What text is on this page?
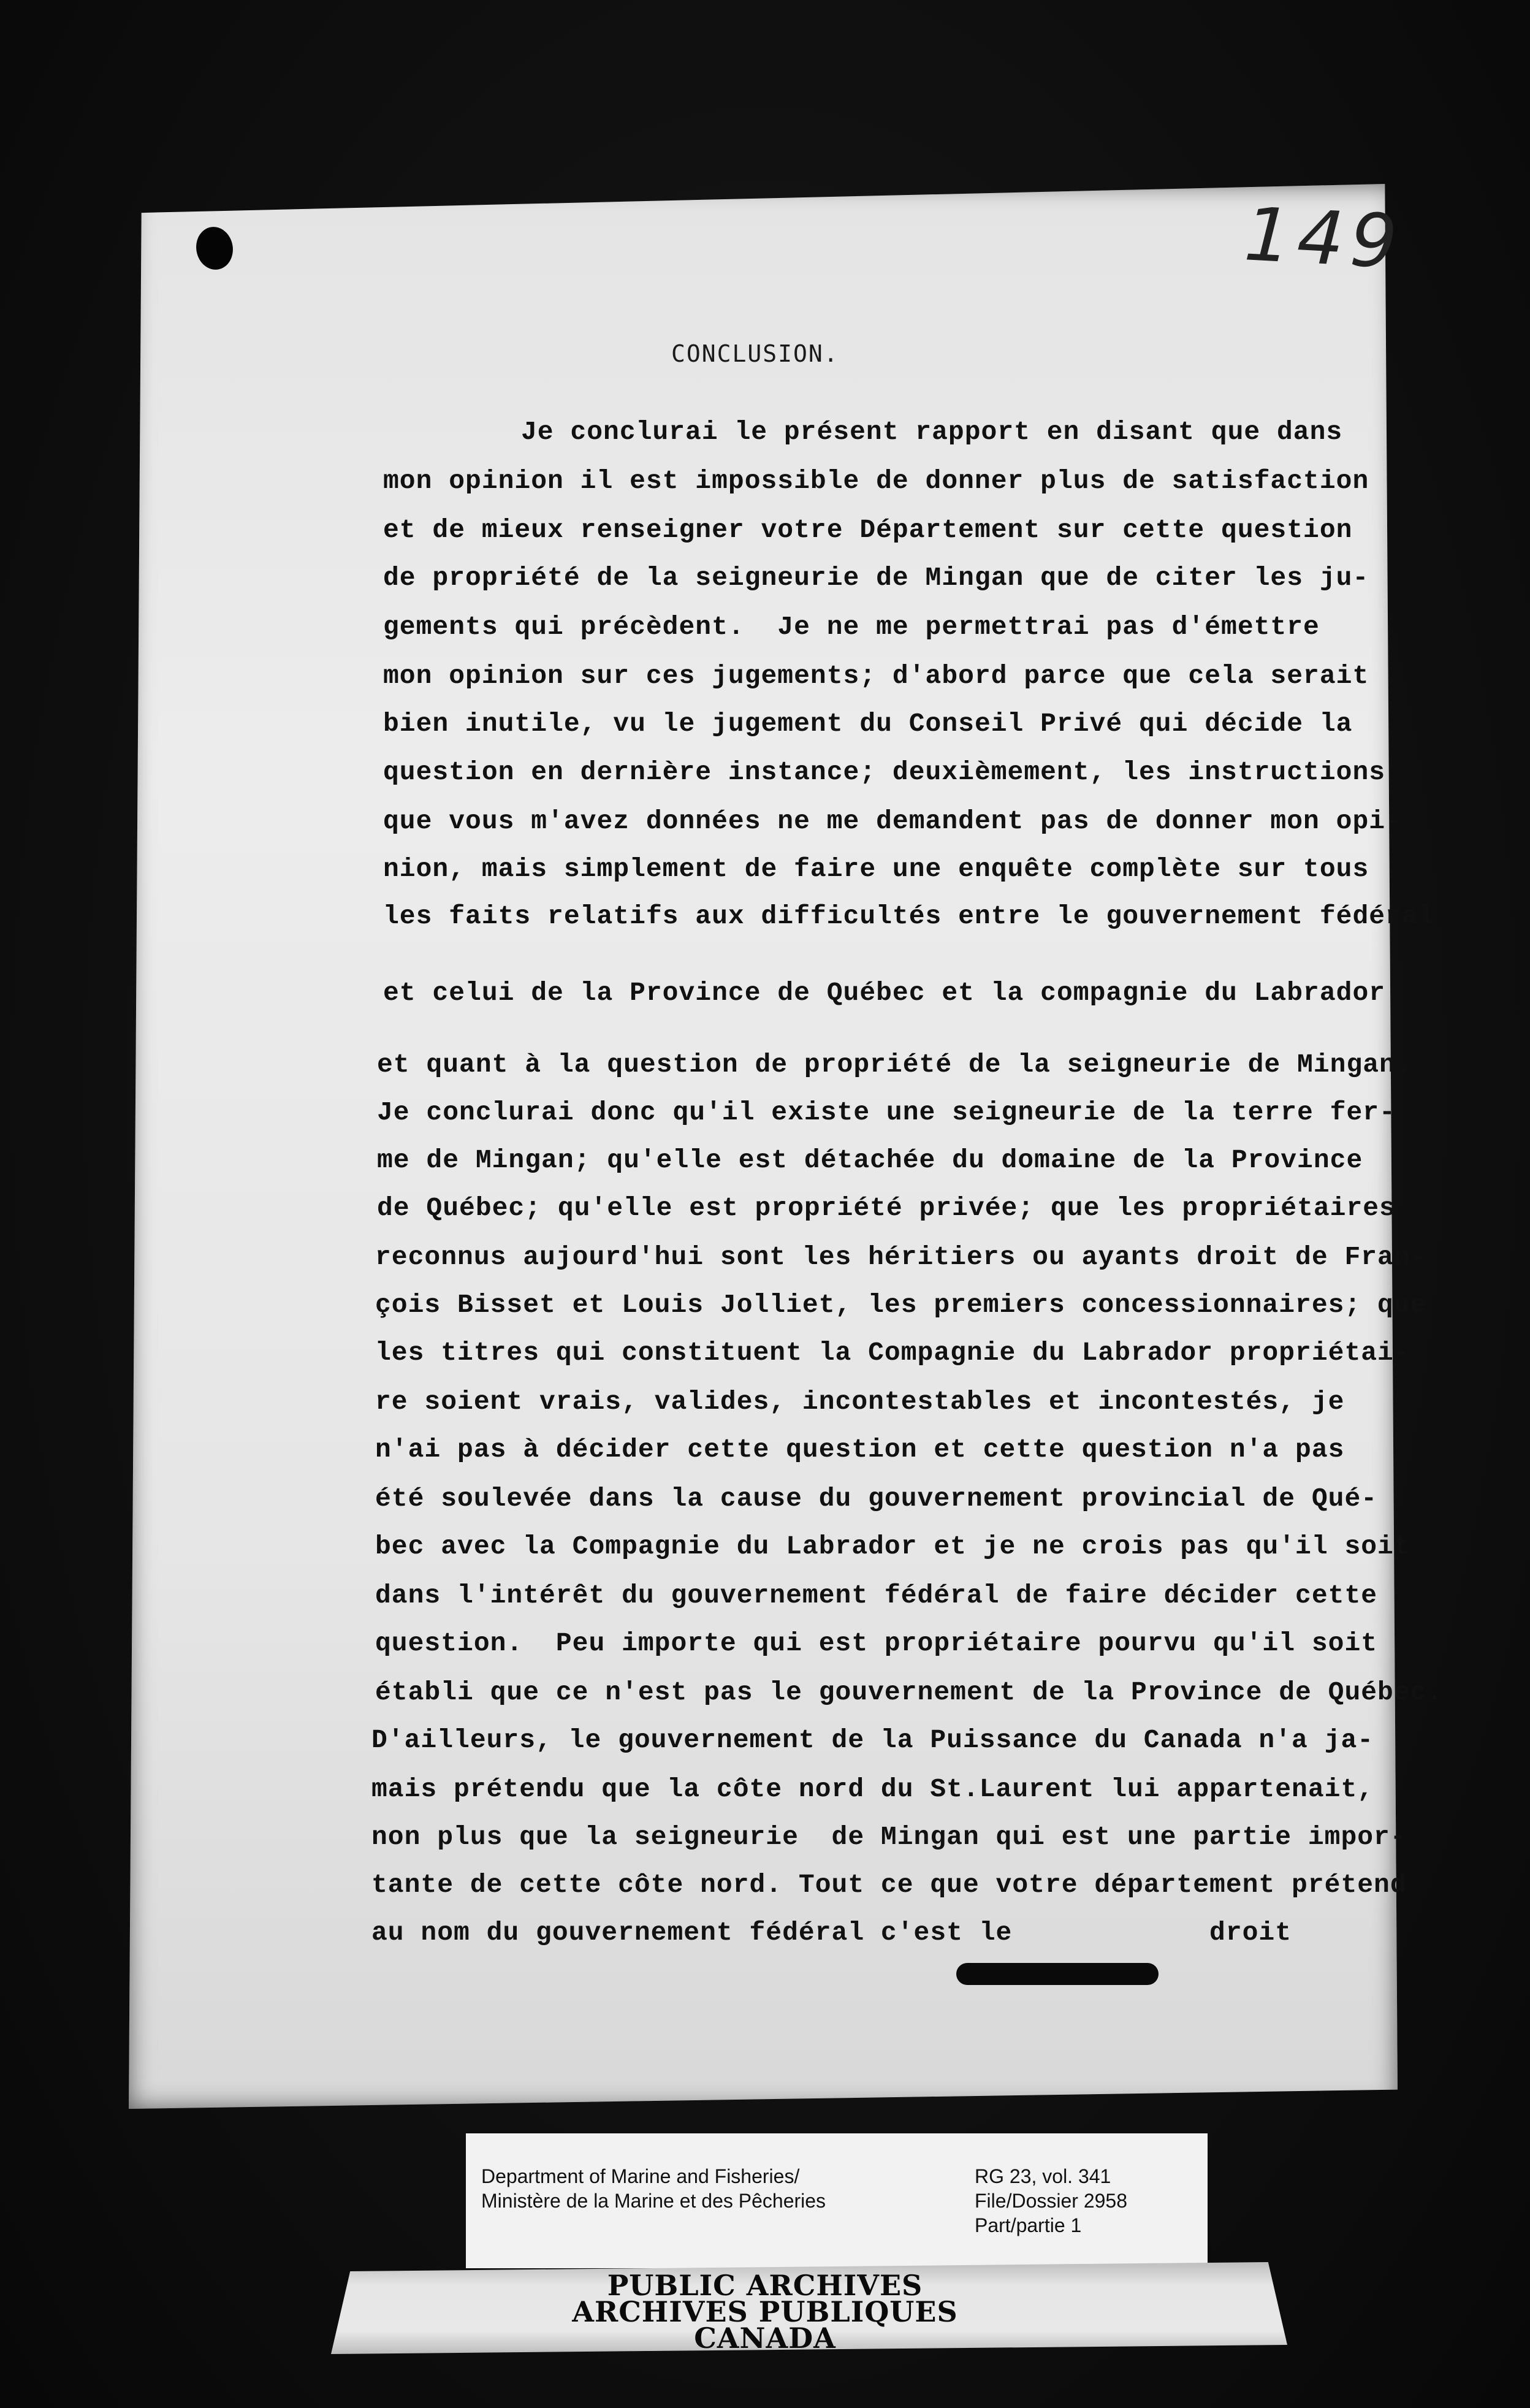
149
CONCLUSION.
Je conclurai le présent rapport en disant que dans
mon opinion il est impossible de donner plus de satisfaction
et de mieux renseigner votre Département sur cette question
de propriété de la seigneurie de Mingan que de citer les ju-
gements qui précèdent.  Je ne me permettrai pas d'émettre
mon opinion sur ces jugements; d'abord parce que cela serait
bien inutile, vu le jugement du Conseil Privé qui décide la
question en dernière instance; deuxièmement, les instructions
que vous m'avez données ne me demandent pas de donner mon opi-
nion, mais simplement de faire une enquête complète sur tous
les faits relatifs aux difficultés entre le gouvernement fédéral
et celui de la Province de Québec et la compagnie du Labrador
et quant à la question de propriété de la seigneurie de Mingan.
Je conclurai donc qu'il existe une seigneurie de la terre fer-
me de Mingan; qu'elle est détachée du domaine de la Province
de Québec; qu'elle est propriété privée; que les propriétaires
reconnus aujourd'hui sont les héritiers ou ayants droit de Fran-
çois Bisset et Louis Jolliet, les premiers concessionnaires; que
les titres qui constituent la Compagnie du Labrador propriétai-
re soient vrais, valides, incontestables et incontestés, je
n'ai pas à décider cette question et cette question n'a pas
été soulevée dans la cause du gouvernement provincial de Qué-
bec avec la Compagnie du Labrador et je ne crois pas qu'il soit
dans l'intérêt du gouvernement fédéral de faire décider cette
question.  Peu importe qui est propriétaire pourvu qu'il soit
établi que ce n'est pas le gouvernement de la Province de Québec.
D'ailleurs, le gouvernement de la Puissance du Canada n'a ja-
mais prétendu que la côte nord du St.Laurent lui appartenait,
non plus que la seigneurie  de Mingan qui est une partie impor-
tante de cette côte nord. Tout ce que votre département prétend
au nom du gouvernement fédéral c'est le            droit
Department of Marine and Fisheries/
Ministère de la Marine et des Pêcheries
RG 23, vol. 341
File/Dossier 2958
Part/partie 1
PUBLIC ARCHIVES
ARCHIVES PUBLIQUES
CANADA
